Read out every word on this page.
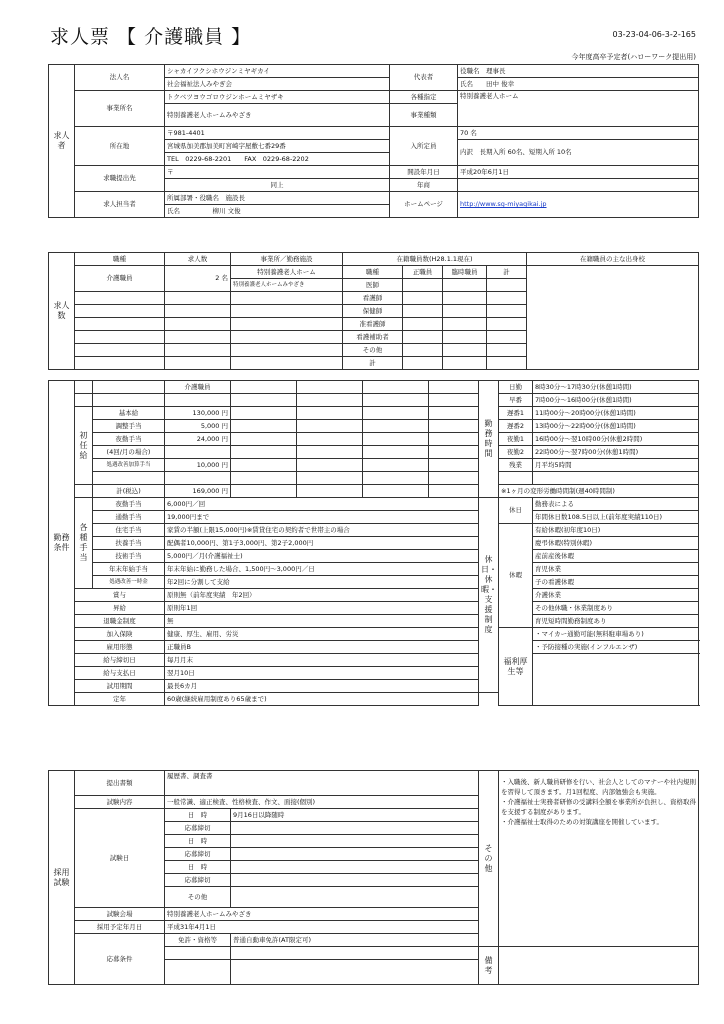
求人票 【 介護職員 】	03-23-04-06-3-2-165
今年度高卒予定者(ハローワーク提出用)
求人者	法人名	シャカイフクシホウジンミヤギカイ	代表者	役職名　理事長
		社会福祉法人みやぎ会		氏名　　田中 俊幸
	事業所名	トクベツヨウゴロウジンホームミヤザキ	各種指定	特別養護老人ホーム
		特別養護老人ホームみやざき	事業種類	
	所在地	〒981-4401	入所定員	70 名
		宮城県加美郡加美町宮崎字屋敷七番29番		内訳　長期入所 60名、短期入所 10名
		TEL　0229-68-2201　　FAX　0229-68-2202		
	求職提出先	〒	開設年月日	平成20年6月1日
		同上	年商	
	求人担当者	所属部署・役職名　施設長	ホームページ	http://www.sg-miyagikai.jp
		氏名　　　　　柳川 文俊		
求人数	職種	求人数	事業所／勤務施設	在籍職員数(H28.1.1現在)				在籍職員の主な出身校
	介護職員	2 名	特別養護老人ホーム	職種	正職員	臨時職員	計	
			特別養護老人ホームみやざき	医師				
				看護師				
				保健師				
				准看護師				
				看護補助者				
				その他				
				計				
勤務条件			介護職員					勤務時間	日勤	8時30分～17時30分(休憩1時間)
									早番	7時00分～16時00分(休憩1時間)
	初任給	基本給	130,000 円						遅番1	11時00分～20時00分(休憩1時間)
		調整手当	5,000 円						遅番2	13時00分～22時00分(休憩1時間)
		夜勤手当	24,000 円						夜勤1	16時00分～翌10時00分(休憩2時間)
		(4回/月の場合)							夜勤2	22時00分～翌7時00分(休憩1時間)
		処遇改善加算手当	10,000 円						残業	月平均5時間

		計(税込)	169,000 円						※1ヶ月の変形労働時間制(週40時間制)	
	各種手当	夜勤手当	6,000円／回					休日・休暇・支援制度	休日	勤務表による
		通勤手当	19,000円まで							年間休日数108.5日以上(前年度実績110日)
		住宅手当	家賃の半額(上限15,000円)※賃貸住宅の契約者で世帯主の場合						休暇	有給休暇(初年度10日)
		扶養手当	配偶者10,000円、第1子3,000円、第2子2,000円							慶弔休暇(特別休暇)
		技術手当	5,000円／月(介護福祉士)							産前産後休暇
		年末年始手当	年末年始に勤務した場合、1,500円～3,000円／日							育児休業
		処遇改善一時金	年2回に分割して支給							子の看護休暇
	賞与		原則無（前年度実績　年2回）							介護休業
	昇給		原則年1回							その他休職・休業制度あり
	退職金制度		無							育児短時間勤務制度あり
	加入保険		健康、厚生、雇用、労災						福利厚生等	・マイカー通勤可能(無料駐車場あり)
	雇用形態		正職員B							・予防接種の実施(インフルエンザ)
	給与締切日		毎月月末							
	給与支払日		翌月10日							
	試用期間		最長6カ月							
	定年		60歳(継続雇用制度あり65歳まで)							
採用試験	提出書類	履歴書、調査書		その他	・入職後、新人職員研修を行い、社会人としてのマナーや社内規則を習得して頂きます。月1回程度、内部勉強会も実施。
・介護福祉士実務者研修の受講料全額を事業所が負担し、資格取得を支援する制度があります。
・介護福祉士取得のための対策講座を開催しています。

	試験内容	一般常識、適正検査、性格検査、作文、面接(個別)			
	試験日	日　時	9月16日以降随時		
		応募締切			
		日　時			
		応募締切			
		日　時			
		応募締切			
		その他			
	試験会場	特別養護老人ホームみやざき			
	採用予定年月日	平成31年4月1日			
	応募条件	免許・資格等	普通自動車免許(AT限定可)		
				備考	
